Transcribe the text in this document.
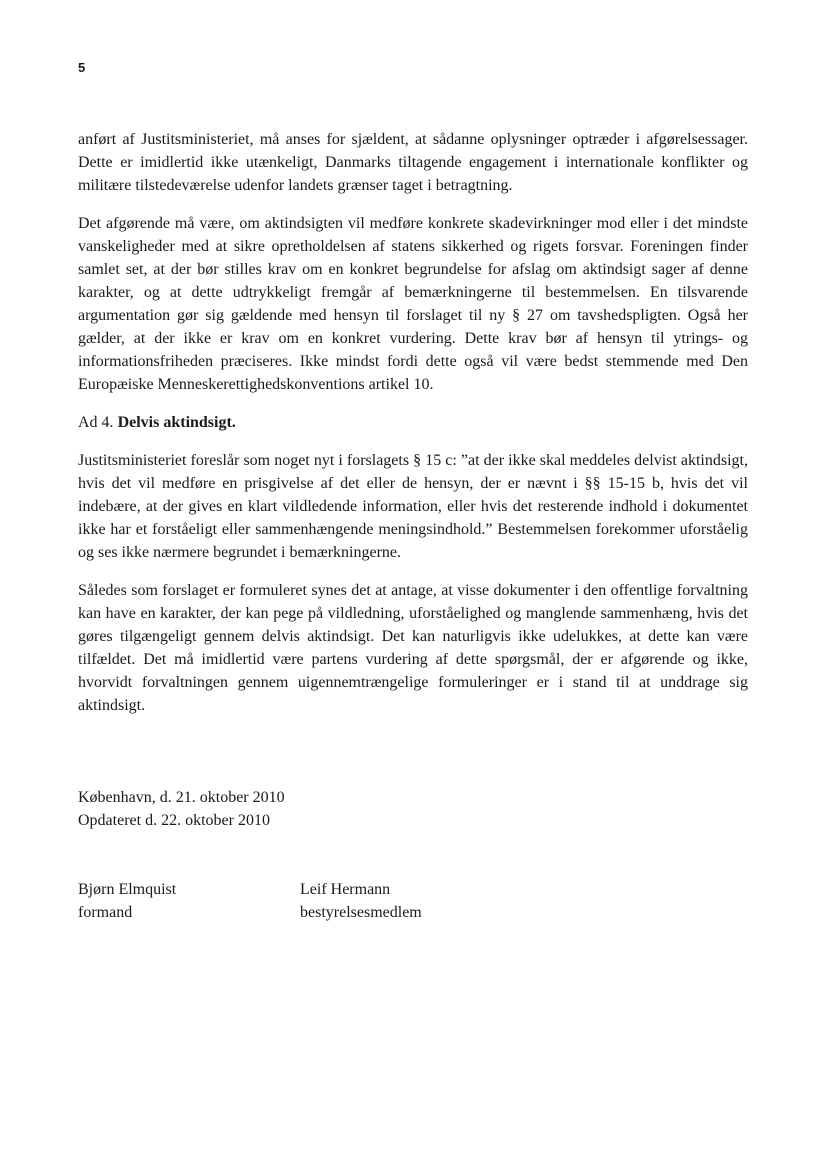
5

anført af Justitsministeriet, må anses for sjældent, at sådanne oplysninger optræder i afgørelsessager. Dette er imidlertid ikke utænkeligt, Danmarks tiltagende engagement i internationale konflikter og militære tilstedeværelse udenfor landets grænser taget i betragtning.

Det afgørende må være, om aktindsigten vil medføre konkrete skadevirkninger mod eller i det mindste vanskeligheder med at sikre opretholdelsen af statens sikkerhed og rigets forsvar. Foreningen finder samlet set, at der bør stilles krav om en konkret begrundelse for afslag om aktindsigt sager af denne karakter, og at dette udtrykkeligt fremgår af bemærkningerne til bestemmelsen. En tilsvarende argumentation gør sig gældende med hensyn til forslaget til ny § 27 om tavshedspligten. Også her gælder, at der ikke er krav om en konkret vurdering. Dette krav bør af hensyn til ytrings- og informationsfriheden præciseres. Ikke mindst fordi dette også vil være bedst stemmende med Den Europæiske Menneskerettighedskonventions artikel 10.

Ad 4. Delvis aktindsigt.

Justitsministeriet foreslår som noget nyt i forslagets § 15 c: ”at der ikke skal meddeles delvist aktindsigt, hvis det vil medføre en prisgivelse af det eller de hensyn, der er nævnt i §§ 15-15 b, hvis det vil indebære, at der gives en klart vildledende information, eller hvis det resterende indhold i dokumentet ikke har et forståeligt eller sammenhængende meningsindhold.” Bestemmelsen forekommer uforståelig og ses ikke nærmere begrundet i bemærkningerne.

Således som forslaget er formuleret synes det at antage, at visse dokumenter i den offentlige forvaltning kan have en karakter, der kan pege på vildledning, uforståelighed og manglende sammenhæng, hvis det gøres tilgængeligt gennem delvis aktindsigt. Det kan naturligvis ikke udelukkes, at dette kan være tilfældet. Det må imidlertid være partens vurdering af dette spørgsmål, der er afgørende og ikke, hvorvidt forvaltningen gennem uigennemtrængelige formuleringer er i stand til at unddrage sig aktindsigt.

København, d. 21. oktober 2010
Opdateret d. 22. oktober 2010
Bjørn Elmquist
formand
Leif Hermann
bestyrelsesmedlem
